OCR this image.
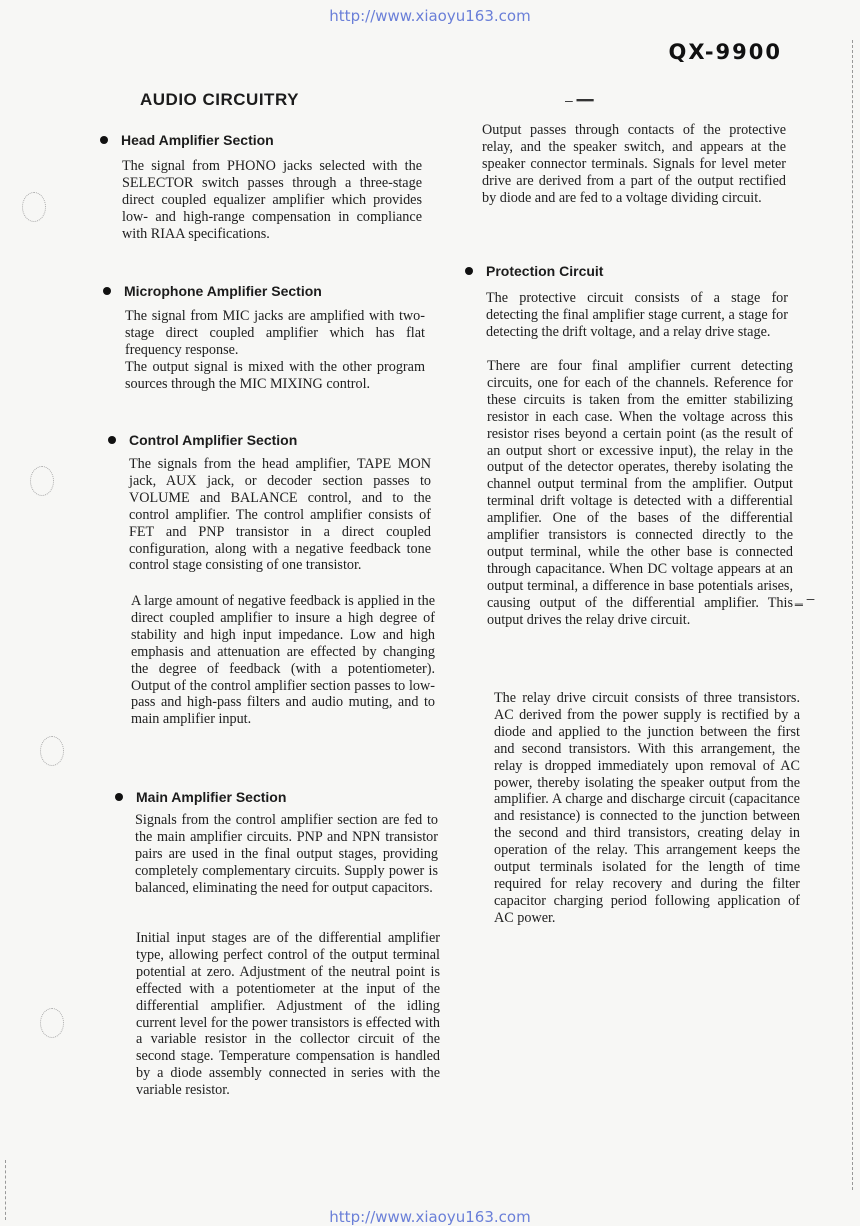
– ━━
‗ ‒
http://www.xiaoyu163.com
QX-9900
AUDIO CIRCUITRY
Head Amplifier Section

The signal from PHONO jacks selected with the SELECTOR switch passes through a three-stage direct coupled equalizer amplifier which provides low- and high-range compensation in compliance with RIAA specifications.

Microphone Amplifier Section

The signal from MIC jacks are amplified with two-stage direct coupled amplifier which has flat frequency response.

The output signal is mixed with the other program sources through the MIC MIXING control.

Control Amplifier Section

The signals from the head amplifier, TAPE MON jack, AUX jack, or decoder section passes to VOLUME and BALANCE control, and to the control amplifier. The control amplifier consists of FET and PNP transistor in a direct coupled configuration, along with a negative feedback tone control stage consisting of one transistor.

A large amount of negative feedback is applied in the direct coupled amplifier to insure a high degree of stability and high input impedance. Low and high emphasis and attenuation are effected by changing the degree of feedback (with a potentiometer). Output of the control amplifier section passes to low-pass and high-pass filters and audio muting, and to main amplifier input.

Main Amplifier Section

Signals from the control amplifier section are fed to the main amplifier circuits. PNP and NPN transistor pairs are used in the final output stages, providing completely complementary circuits. Supply power is balanced, eliminating the need for output capacitors.

Initial input stages are of the differential amplifier type, allowing perfect control of the output terminal potential at zero. Adjustment of the neutral point is effected with a potentiometer at the input of the differential amplifier. Adjustment of the idling current level for the power transistors is effected with a variable resistor in the collector circuit of the second stage. Temperature compensation is handled by a diode assembly connected in series with the variable resistor.

Output passes through contacts of the protective relay, and the speaker switch, and appears at the speaker connector terminals. Signals for level meter drive are derived from a part of the output rectified by diode and are fed to a voltage dividing circuit.

Protection Circuit

The protective circuit consists of a stage for detecting the final amplifier stage current, a stage for detecting the drift voltage, and a relay drive stage.

There are four final amplifier current detecting circuits, one for each of the channels. Reference for these circuits is taken from the emitter stabilizing resistor in each case. When the voltage across this resistor rises beyond a certain point (as the result of an output short or excessive input), the relay in the output of the detector operates, thereby isolating the channel output terminal from the amplifier. Output terminal drift voltage is detected with a differential amplifier. One of the bases of the differential amplifier transistors is connected directly to the output terminal, while the other base is connected through capacitance. When DC voltage appears at an output terminal, a difference in base potentials arises, causing output of the differential amplifier. This output drives the relay drive circuit.

The relay drive circuit consists of three transistors. AC derived from the power supply is rectified by a diode and applied to the junction between the first and second transistors. With this arrangement, the relay is dropped immediately upon removal of AC power, thereby isolating the speaker output from the amplifier. A charge and discharge circuit (capacitance and resistance) is connected to the junction between the second and third transistors, creating delay in operation of the relay. This arrangement keeps the output terminals isolated for the length of time required for relay recovery and during the filter capacitor charging period following application of AC power.

http://www.xiaoyu163.com
